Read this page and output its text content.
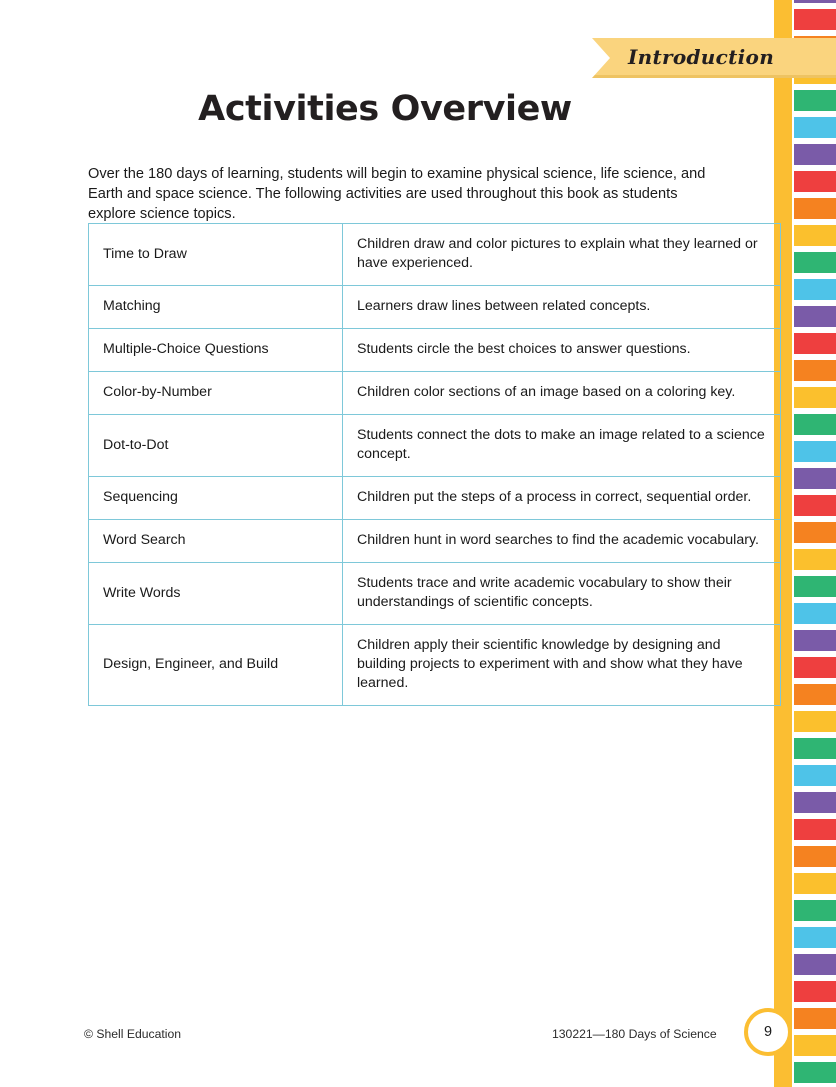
Introduction
Activities Overview

Over the 180 days of learning, students will begin to examine physical science, life science, and Earth and space science. The following activities are used throughout this book as students explore science topics.

Time to Draw	Children draw and color pictures to explain what they learned or have experienced.
Matching	Learners draw lines between related concepts.
Multiple-Choice Questions	Students circle the best choices to answer questions.
Color-by-Number	Children color sections of an image based on a coloring key.
Dot-to-Dot	Students connect the dots to make an image related to a science concept.
Sequencing	Children put the steps of a process in correct, sequential order.
Word Search	Children hunt in word searches to find the academic vocabulary.
Write Words	Students trace and write academic vocabulary to show their understandings of scientific concepts.
Design, Engineer, and Build	Children apply their scientific knowledge by designing and building projects to experiment with and show what they have learned.
© Shell Education	130221—180 Days of Science	9
